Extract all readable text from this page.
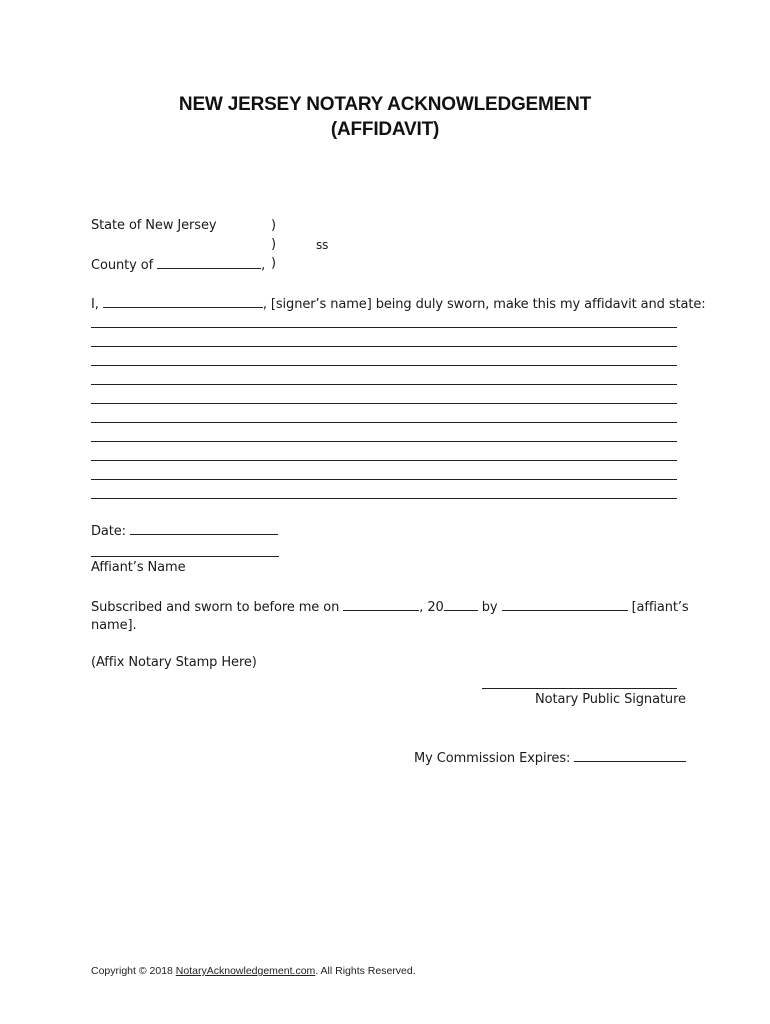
NEW JERSEY NOTARY ACKNOWLEDGEMENT
(AFFIDAVIT)
State of New Jersey	)
)	ss
County of	, )
I,	, [signer’s name] being duly sworn, make this my affidavit and state:
Date:
Affiant’s Name
Subscribed and sworn to before me on	, 20	by	[affiant’s
name].
(Affix Notary Stamp Here)
Notary Public Signature
My Commission Expires:
Copyright © 2018 NotaryAcknowledgement.com. All Rights Reserved.
